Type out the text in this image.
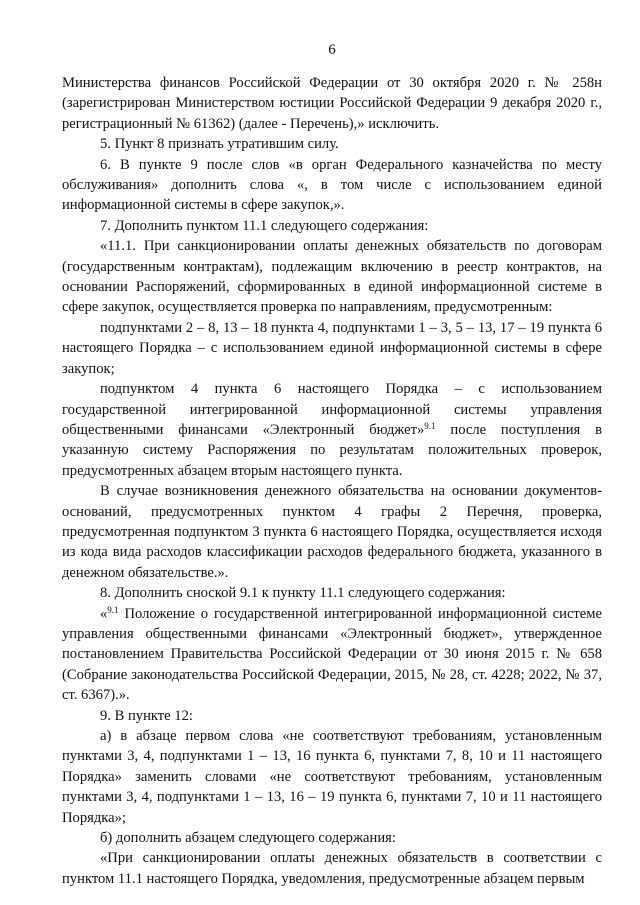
6

Министерства финансов Российской Федерации от 30 октября 2020 г. № 258н (зарегистрирован Министерством юстиции Российской Федерации 9 декабря 2020 г., регистрационный № 61362) (далее - Перечень),» исключить.

5. Пункт 8 признать утратившим силу.

6. В пункте 9 после слов «в орган Федерального казначейства по месту обслуживания» дополнить слова «, в том числе с использованием единой информационной системы в сфере закупок,».

7. Дополнить пунктом 11.1 следующего содержания:

«11.1. При санкционировании оплаты денежных обязательств по договорам (государственным контрактам), подлежащим включению в реестр контрактов, на основании Распоряжений, сформированных в единой информационной системе в сфере закупок, осуществляется проверка по направлениям, предусмотренным:

подпунктами 2 – 8, 13 – 18 пункта 4, подпунктами 1 – 3, 5 – 13, 17 – 19 пункта 6 настоящего Порядка – с использованием единой информационной системы в сфере закупок;

подпунктом 4 пункта 6 настоящего Порядка – с использованием государственной интегрированной информационной системы управления общественными финансами «Электронный бюджет»$^{9.1}$ после поступления в указанную систему Распоряжения по результатам положительных проверок, предусмотренных абзацем вторым настоящего пункта.

В случае возникновения денежного обязательства на основании документов-оснований, предусмотренных пунктом 4 графы 2 Перечня, проверка, предусмотренная подпунктом 3 пункта 6 настоящего Порядка, осуществляется исходя из кода вида расходов классификации расходов федерального бюджета, указанного в денежном обязательстве.».

8. Дополнить сноской 9.1 к пункту 11.1 следующего содержания:

«$^{9.1}$ Положение о государственной интегрированной информационной системе управления общественными финансами «Электронный бюджет», утвержденное постановлением Правительства Российской Федерации от 30 июня 2015 г. № 658 (Собрание законодательства Российской Федерации, 2015, № 28, ст. 4228; 2022, № 37, ст. 6367).».

9. В пункте 12:

а) в абзаце первом слова «не соответствуют требованиям, установленным пунктами 3, 4, подпунктами 1 – 13, 16 пункта 6, пунктами 7, 8, 10 и 11 настоящего Порядка» заменить словами «не соответствуют требованиям, установленным пунктами 3, 4, подпунктами 1 – 13, 16 – 19 пункта 6, пунктами 7, 10 и 11 настоящего Порядка»;

б) дополнить абзацем следующего содержания:

«При санкционировании оплаты денежных обязательств в соответствии с пунктом 11.1 настоящего Порядка, уведомления, предусмотренные абзацем первым
